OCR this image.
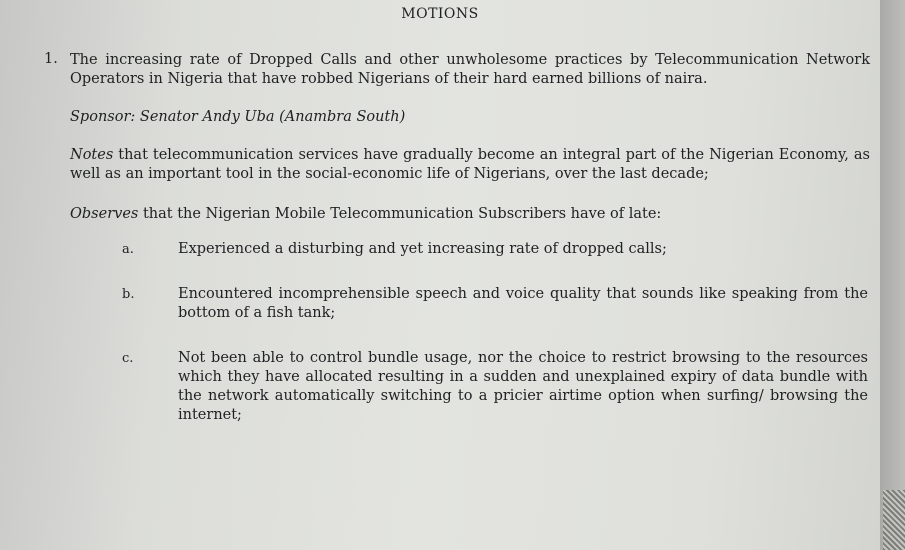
MOTIONS
1. The increasing rate of Dropped Calls and other unwholesome practices by Telecommunication Network Operators in Nigeria that have robbed Nigerians of their hard earned billions of naira.
Sponsor: Senator Andy Uba (Anambra South)
Notes that telecommunication services have gradually become an integral part of the Nigerian Economy, as well as an important tool in the social-economic life of Nigerians, over the last decade;
Observes that the Nigerian Mobile Telecommunication Subscribers have of late:
a.	Experienced a disturbing and yet increasing rate of dropped calls;
b.	Encountered incomprehensible speech and voice quality that sounds like speaking from the bottom of a fish tank;
c.	Not been able to control bundle usage, nor the choice to restrict browsing to the resources which they have allocated resulting in a sudden and unexplained expiry of data bundle with the network automatically switching to a pricier airtime option when surfing/ browsing the internet;
